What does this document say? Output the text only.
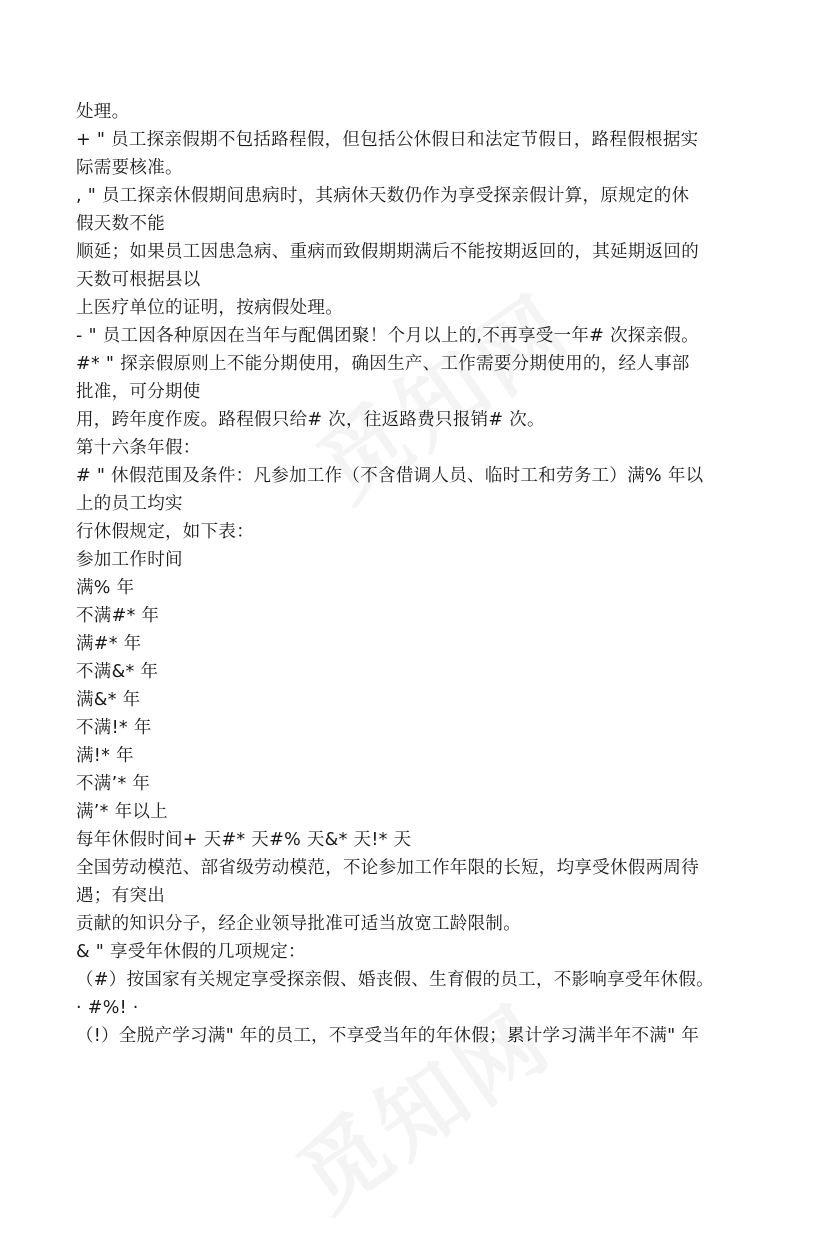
处理。
+ " 员工探亲假期不包括路程假，但包括公休假日和法定节假日，路程假根据实
际需要核准。
, " 员工探亲休假期间患病时，其病休天数仍作为享受探亲假计算，原规定的休
假天数不能
顺延；如果员工因患急病、重病而致假期期满后不能按期返回的，其延期返回的
天数可根据县以
上医疗单位的证明，按病假处理。
- " 员工因各种原因在当年与配偶团聚！个月以上的,不再享受一年# 次探亲假。
#* " 探亲假原则上不能分期使用，确因生产、工作需要分期使用的，经人事部
批准，可分期使
用，跨年度作废。路程假只给# 次，往返路费只报销# 次。
第十六条年假：
# " 休假范围及条件：凡参加工作（不含借调人员、临时工和劳务工）满% 年以
上的员工均实
行休假规定，如下表：
参加工作时间
满% 年
不满#* 年
满#* 年
不满&* 年
满&* 年
不满!* 年
满!* 年
不满’* 年
满’* 年以上
每年休假时间+ 天#* 天#% 天&* 天!* 天
全国劳动模范、部省级劳动模范，不论参加工作年限的长短，均享受休假两周待
遇；有突出
贡献的知识分子，经企业领导批准可适当放宽工龄限制。
& " 享受年休假的几项规定：
（#）按国家有关规定享受探亲假、婚丧假、生育假的员工，不影响享受年休假。
· #%! ·
（!）全脱产学习满" 年的员工，不享受当年的年休假；累计学习满半年不满" 年
